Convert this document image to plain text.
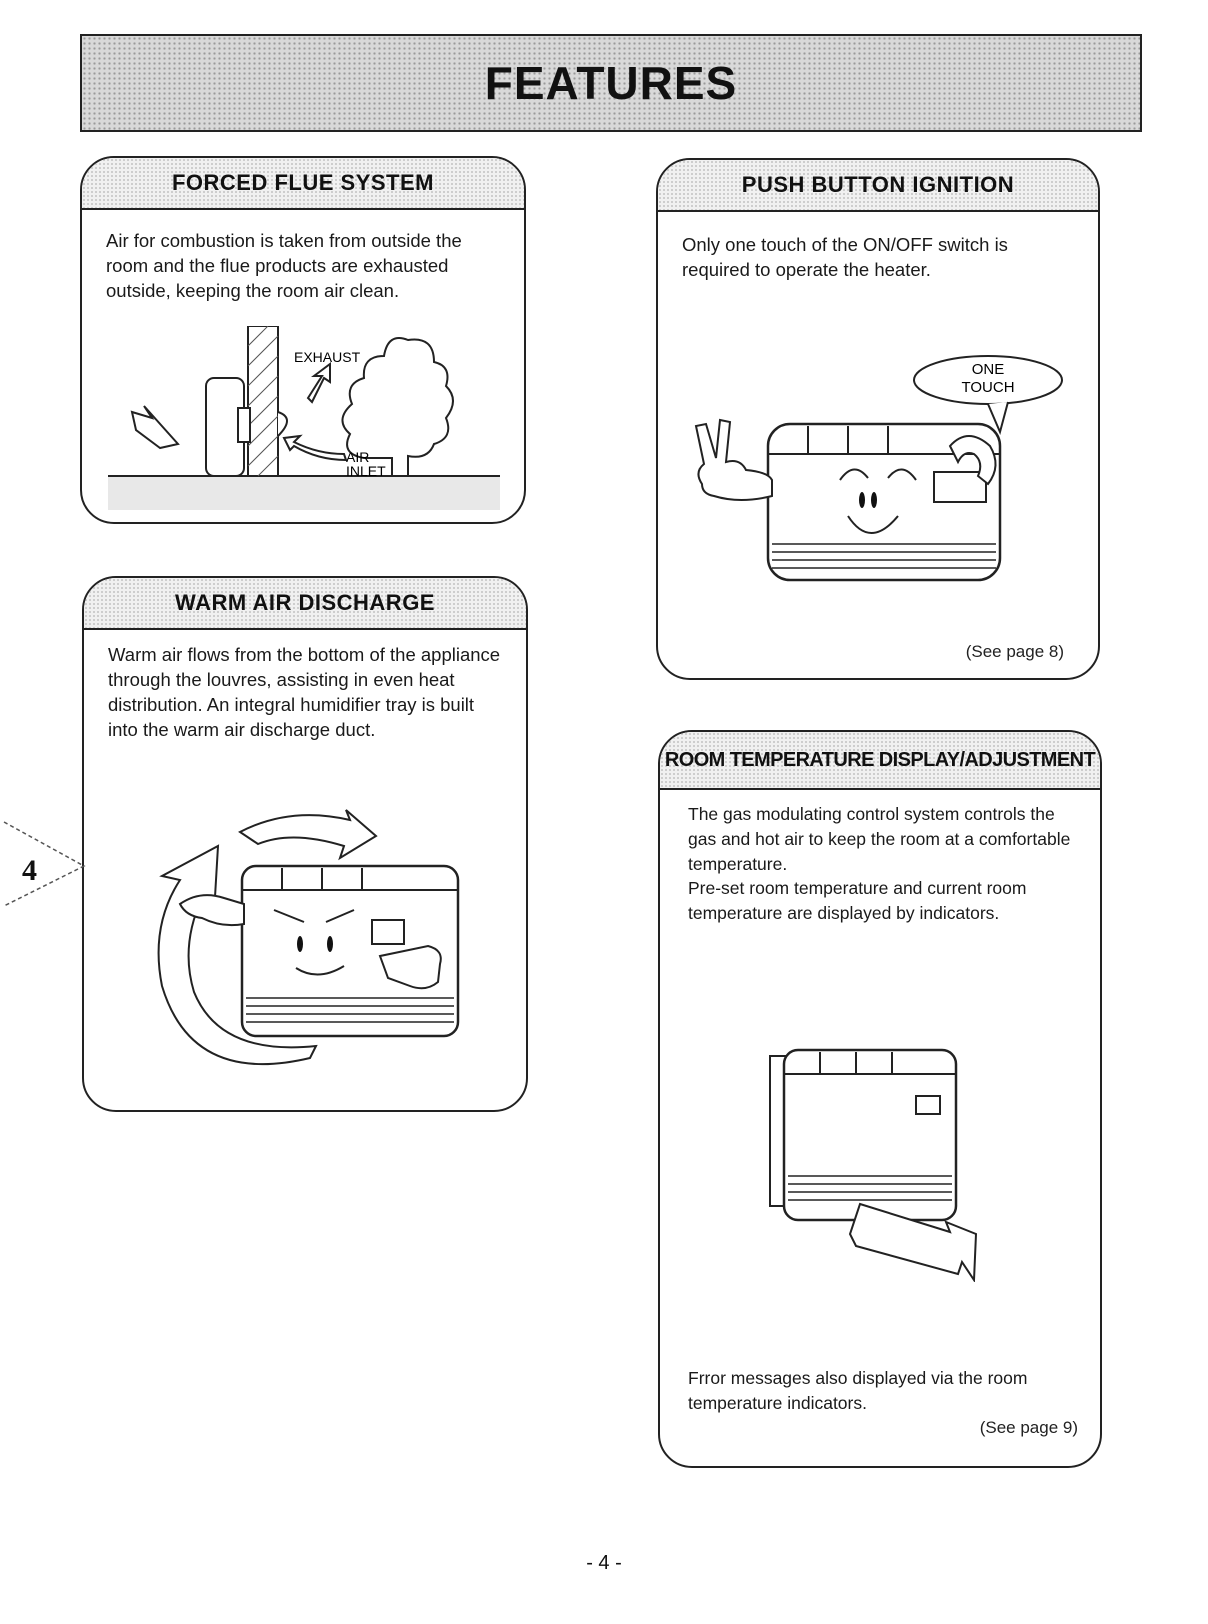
FEATURES
FORCED FLUE SYSTEM
Air for combustion is taken from outside the room and the flue products are exhausted outside, keeping the room air clean.
EXHAUST
AIR
INLET
PUSH BUTTON IGNITION
Only one touch of the ON/OFF switch is required to operate the heater.
ONE
TOUCH
(See page 8)
WARM AIR DISCHARGE
Warm air flows from the bottom of the appliance through the louvres, assisting in even heat distribution. An integral humidifier tray is built into the warm air discharge duct.
ROOM TEMPERATURE DISPLAY/ADJUSTMENT
The gas modulating control system controls the gas and hot air to keep the room at a comfortable temperature.
Pre-set room temperature and current room temperature are displayed by indicators.
Frror messages also displayed via the room temperature indicators.
(See page 9)
4
- 4 -
